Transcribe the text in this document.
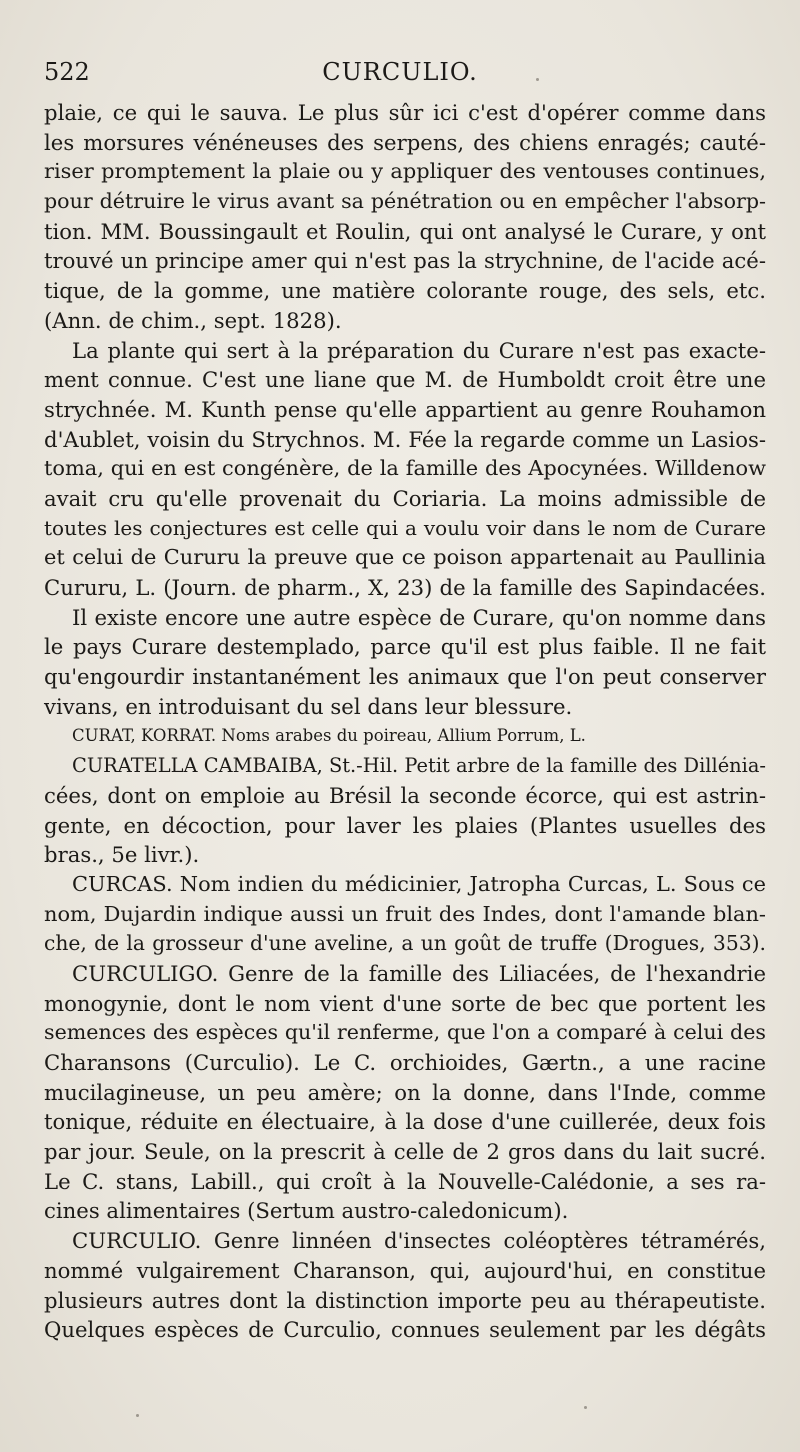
522	CURCULIO.
plaie, ce qui le sauva. Le plus sûr ici c'est d'opérer comme dans
les morsures vénéneuses des serpens, des chiens enragés; cauté-
riser promptement la plaie ou y appliquer des ventouses continues,
pour détruire le virus avant sa pénétration ou en empêcher l'absorp-
tion. MM. Boussingault et Roulin, qui ont analysé le Curare, y ont
trouvé un principe amer qui n'est pas la strychnine, de l'acide acé-
tique, de la gomme, une matière colorante rouge, des sels, etc.
(Ann. de chim., sept. 1828).
La plante qui sert à la préparation du Curare n'est pas exacte-
ment connue. C'est une liane que M. de Humboldt croit être une
strychnée. M. Kunth pense qu'elle appartient au genre Rouhamon
d'Aublet, voisin du Strychnos. M. Fée la regarde comme un Lasios-
toma, qui en est congénère, de la famille des Apocynées. Willdenow
avait cru qu'elle provenait du Coriaria. La moins admissible de
toutes les conjectures est celle qui a voulu voir dans le nom de Curare
et celui de Cururu la preuve que ce poison appartenait au Paullinia
Cururu, L. (Journ. de pharm., X, 23) de la famille des Sapindacées.
Il existe encore une autre espèce de Curare, qu'on nomme dans
le pays Curare destemplado, parce qu'il est plus faible. Il ne fait
qu'engourdir instantanément les animaux que l'on peut conserver
vivans, en introduisant du sel dans leur blessure.
CURAT, KORRAT. Noms arabes du poireau, Allium Porrum, L.
CURATELLA CAMBAIBA, St.-Hil. Petit arbre de la famille des Dilléniа-
cées, dont on emploie au Brésil la seconde écorce, qui est astrin-
gente, en décoction, pour laver les plaies (Plantes usuelles des
bras., 5e livr.).
CURCAS. Nom indien du médicinier, Jatropha Curcas, L. Sous ce
nom, Dujardin indique aussi un fruit des Indes, dont l'amande blan-
che, de la grosseur d'une aveline, a un goût de truffe (Drogues, 353).
CURCULIGO. Genre de la famille des Liliacées, de l'hexandrie
monogynie, dont le nom vient d'une sorte de bec que portent les
semences des espèces qu'il renferme, que l'on a comparé à celui des
Charansons (Curculio). Le C. orchioides, Gærtn., a une racine
mucilagineuse, un peu amère; on la donne, dans l'Inde, comme
tonique, réduite en électuaire, à la dose d'une cuillerée, deux fois
par jour. Seule, on la prescrit à celle de 2 gros dans du lait sucré.
Le C. stans, Labill., qui croît à la Nouvelle-Calédonie, a ses ra-
cines alimentaires (Sertum austro-caledonicum).
CURCULIO. Genre linnéen d'insectes coléoptères tétramérés,
nommé vulgairement Charanson, qui, aujourd'hui, en constitue
plusieurs autres dont la distinction importe peu au thérapeutiste.
Quelques espèces de Curculio, connues seulement par les dégâts
